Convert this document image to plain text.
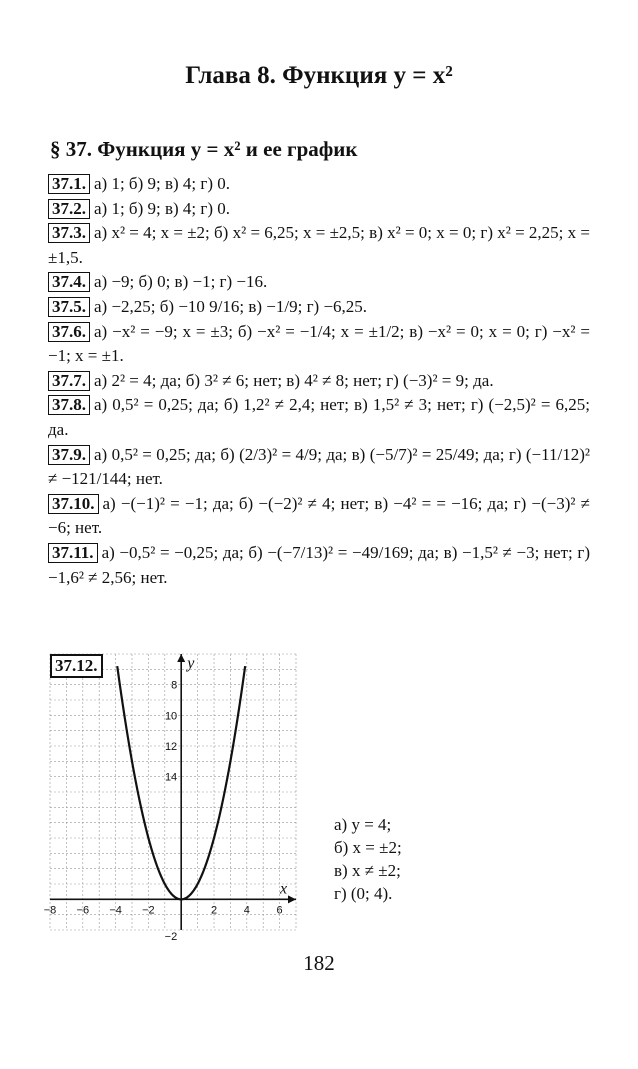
Глава 8. Функция y = x²
§ 37. Функция y = x² и ее график

37.1. а) 1; б) 9; в) 4; г) 0.

37.2. а) 1; б) 9; в) 4; г) 0.

37.3. а) x² = 4; x = ±2; б) x² = 6,25; x = ±2,5; в) x² = 0; x = 0; г) x² = 2,25; x = ±1,5.

37.4. а) −9; б) 0; в) −1; г) −16.

37.5. а) −2,25; б) −10 9/16; в) −1/9; г) −6,25.

37.6. а) −x² = −9; x = ±3; б) −x² = −1/4; x = ±1/2; в) −x² = 0; x = 0; г) −x² = −1; x = ±1.

37.7. а) 2² = 4; да; б) 3² ≠ 6; нет; в) 4² ≠ 8; нет; г) (−3)² = 9; да.

37.8. а) 0,5² = 0,25; да; б) 1,2² ≠ 2,4; нет; в) 1,5² ≠ 3; нет; г) (−2,5)² = 6,25; да.

37.9. а) 0,5² = 0,25; да; б) (2/3)² = 4/9; да; в) (−5/7)² = 25/49; да; г) (−11/12)² ≠ −121/144; нет.

37.10. а) −(−1)² = −1; да; б) −(−2)² ≠ 4; нет; в) −4² = = −16; да; г) −(−3)² ≠ −6; нет.

37.11. а) −0,5² = −0,25; да; б) −(−7/13)² = −49/169; да; в) −1,5² ≠ −3; нет; г) −1,6² ≠ 2,56; нет.

−8 −6 −4 −2	2 4 6
14
12
10
8
x
y
−2
37.12.
а) y = 4;
б) x = ±2;
в) x ≠ ±2;
г) (0; 4).
182
